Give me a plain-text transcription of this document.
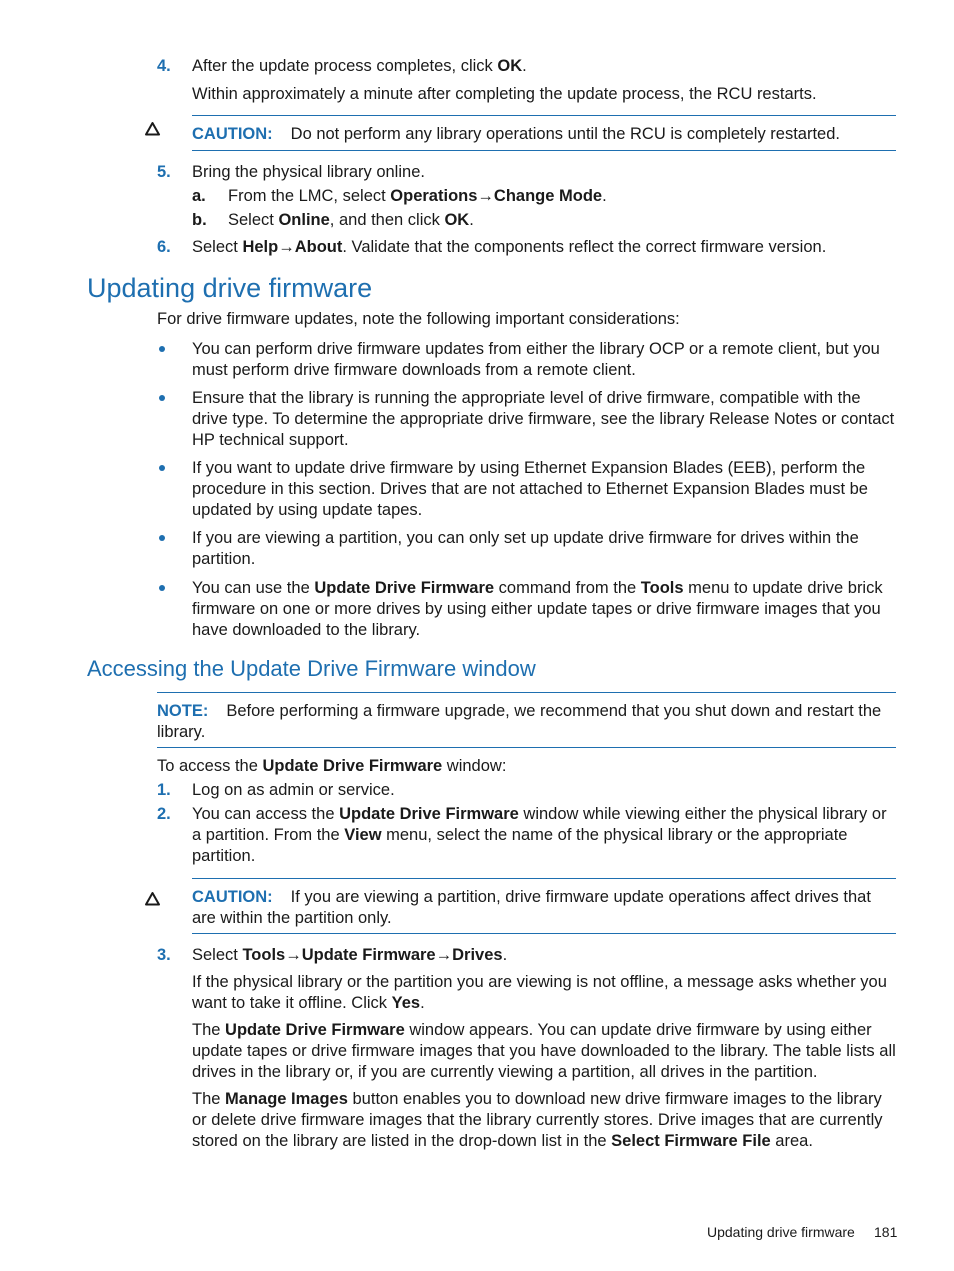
4. After the update process completes, click OK.
Within approximately a minute after completing the update process, the RCU restarts.
CAUTION: Do not perform any library operations until the RCU is completely restarted.
5. Bring the physical library online.
a. From the LMC, select Operations→Change Mode.
b. Select Online, and then click OK.
6. Select Help→About. Validate that the components reflect the correct firmware version.
Updating drive firmware
For drive firmware updates, note the following important considerations:
You can perform drive firmware updates from either the library OCP or a remote client, but you must perform drive firmware downloads from a remote client.
Ensure that the library is running the appropriate level of drive firmware, compatible with the drive type. To determine the appropriate drive firmware, see the library Release Notes or contact HP technical support.
If you want to update drive firmware by using Ethernet Expansion Blades (EEB), perform the procedure in this section. Drives that are not attached to Ethernet Expansion Blades must be updated by using update tapes.
If you are viewing a partition, you can only set up update drive firmware for drives within the partition.
You can use the Update Drive Firmware command from the Tools menu to update drive brick firmware on one or more drives by using either update tapes or drive firmware images that you have downloaded to the library.
Accessing the Update Drive Firmware window
NOTE: Before performing a firmware upgrade, we recommend that you shut down and restart the library.
To access the Update Drive Firmware window:
1. Log on as admin or service.
2. You can access the Update Drive Firmware window while viewing either the physical library or a partition. From the View menu, select the name of the physical library or the appropriate partition.
CAUTION: If you are viewing a partition, drive firmware update operations affect drives that are within the partition only.
3. Select Tools→Update Firmware→Drives.
If the physical library or the partition you are viewing is not offline, a message asks whether you want to take it offline. Click Yes.
The Update Drive Firmware window appears. You can update drive firmware by using either update tapes or drive firmware images that you have downloaded to the library. The table lists all drives in the library or, if you are currently viewing a partition, all drives in the partition.
The Manage Images button enables you to download new drive firmware images to the library or delete drive firmware images that the library currently stores. Drive images that are currently stored on the library are listed in the drop-down list in the Select Firmware File area.
Updating drive firmware 181
